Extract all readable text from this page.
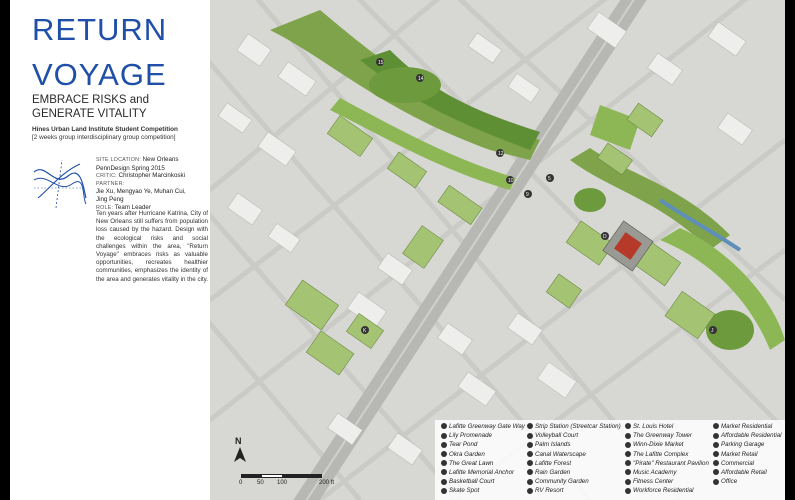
RETURN
VOYAGE
EMBRACE RISKS and
GENERATE VITALITY
Hines Urban Land Institute Student Competition
[2 weeks group interdisciplinary group competition]
SITE LOCATION: New Orleans
PennDesign Spring 2015
CRITIC: Christopher Marcinkoski
PARTNER:
Jie Xu, Mengyao Ye, Muhan Cui,
Jing Peng
ROLE: Team Leader
Ten years after Hurricane Katrina, City of New Orleans still suffers from population loss caused by the hazard. Design with the ecological risks and social challenges within the area, "Return Voyage" embraces risks as valuable opportunities, recreates healthier communities, emphasizes the identity of the area and generates vitality in the city.
15
14
12
10
9
5
D
J
K
N
0 50 100	200 ft
Lafitte Greenway Gate Way
Lily Promenade
Tear Pond
Okra Garden
The Great Lawn
Lafitte Memorial Anchor
Basketball Court
Skate Spot
Strip Station (Streetcar Station)
Volleyball Court
Palm Islands
Canal Waterscape
Lafitte Forest
Rain Garden
Community Garden
RV Resort
St. Louis Hotel
The Greenway Tower
Winn-Dixie Market
The Lafitte Complex
"Pirate" Restaurant Pavilion
Music Academy
Fitness Center
Workforce Residential
Market Residential
Affordable Residential
Parking Garage
Market Retail
Commercial
Affordable Retail
Office
